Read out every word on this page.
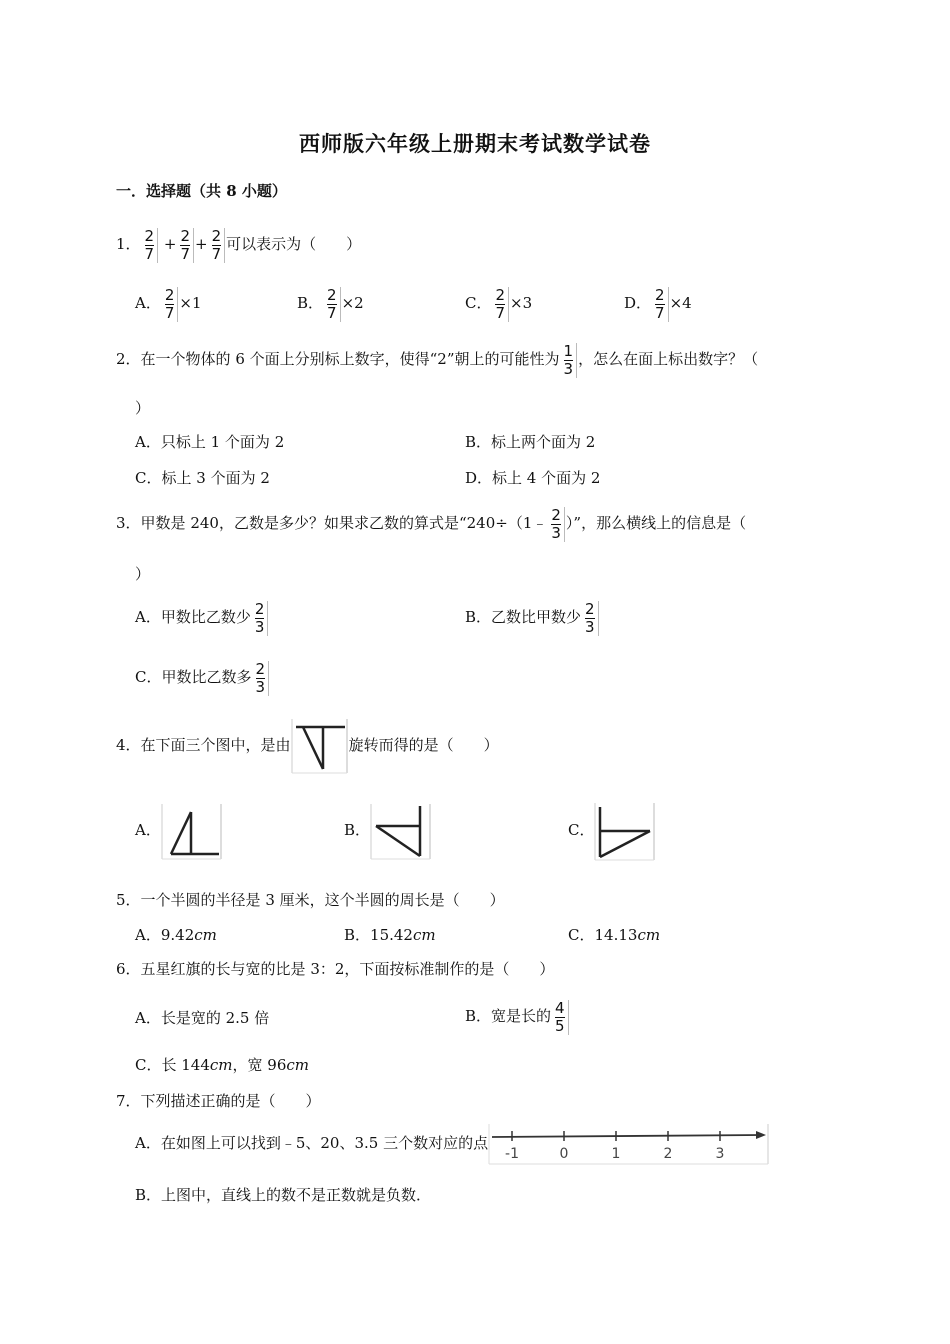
西师版六年级上册期末考试数学试卷
一．选择题（共 8 小题）
1． $\frac{2}{7} + \frac{2}{7} + \frac{2}{7}$ 可以表示为（　　）
A． $\frac{2}{7} \times 1$	B． $\frac{2}{7} \times 2$	C． $\frac{2}{7} \times 3$	D． $\frac{2}{7} \times 4$
2．在一个物体的 6 个面上分别标上数字，使得“2”朝上的可能性为 $\frac{1}{3}$ ，怎么在面上标出数字？（
）
A．只标上 1 个面为 2	B．标上两个面为 2
C．标上 3 个面为 2	D．标上 4 个面为 2
3．甲数是 240，乙数是多少？如果求乙数的算式是“240÷（1﹣ $\frac{2}{3}$ ）”，那么横线上的信息是（
）
A．甲数比乙数少 $\frac{2}{3}$	B．乙数比甲数少 $\frac{2}{3}$
C．甲数比乙数多 $\frac{2}{3}$
4．在下面三个图中，是由	旋转而得的是（　　）
A．	B．	C．
5．一个半圆的半径是 3 厘米，这个半圆的周长是（　　）
A．9.42cm	B．15.42cm	C．14.13cm
6．五星红旗的长与宽的比是 3：2，下面按标准制作的是（　　）
A．长是宽的 2.5 倍	B．宽是长的 $\frac{4}{5}$
C．长 144cm，宽 96cm
7．下列描述正确的是（　　）
A．在如图上可以找到﹣5、20、3.5 三个数对应的点
-1	0	1	2	3
B．上图中，直线上的数不是正数就是负数．
